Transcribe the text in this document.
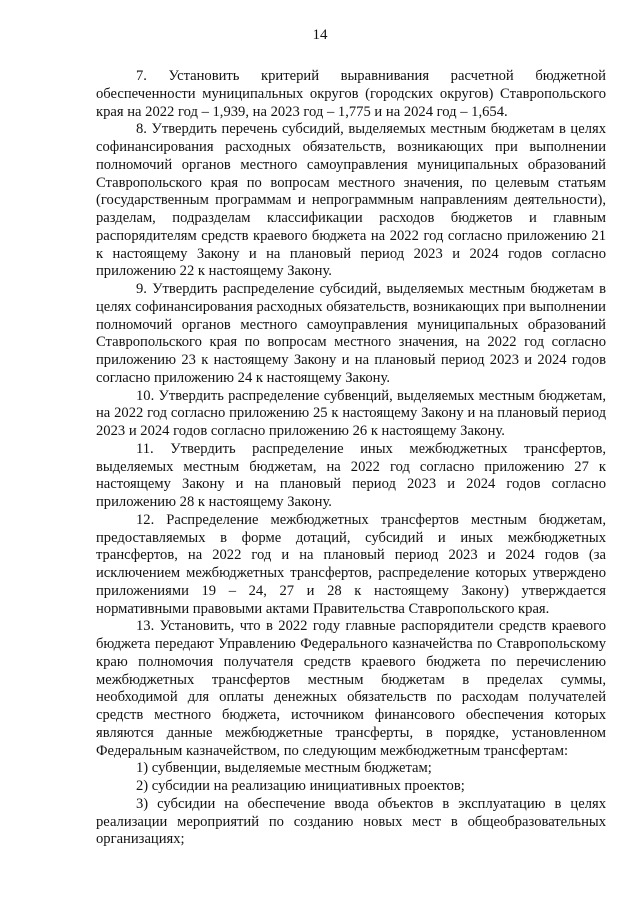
14

7. Установить критерий выравнивания расчетной бюджетной обеспеченности муниципальных округов (городских округов) Ставропольского края на 2022 год – 1,939, на 2023 год – 1,775 и на 2024 год – 1,654.

8. Утвердить перечень субсидий, выделяемых местным бюджетам в целях софинансирования расходных обязательств, возникающих при выполнении полномочий органов местного самоуправления муниципальных образований Ставропольского края по вопросам местного значения, по целевым статьям (государственным программам и непрограммным направлениям деятельности), разделам, подразделам классификации расходов бюджетов и главным распорядителям средств краевого бюджета на 2022 год согласно приложению 21 к настоящему Закону и на плановый период 2023 и 2024 годов согласно приложению 22 к настоящему Закону.

9. Утвердить распределение субсидий, выделяемых местным бюджетам в целях софинансирования расходных обязательств, возникающих при выполнении полномочий органов местного самоуправления муниципальных образований Ставропольского края по вопросам местного значения, на 2022 год согласно приложению 23 к настоящему Закону и на плановый период 2023 и 2024 годов согласно приложению 24 к настоящему Закону.

10. Утвердить распределение субвенций, выделяемых местным бюджетам, на 2022 год согласно приложению 25 к настоящему Закону и на плановый период 2023 и 2024 годов согласно приложению 26 к настоящему Закону.

11. Утвердить распределение иных межбюджетных трансфертов, выделяемых местным бюджетам, на 2022 год согласно приложению 27 к настоящему Закону и на плановый период 2023 и 2024 годов согласно приложению 28 к настоящему Закону.

12. Распределение межбюджетных трансфертов местным бюджетам, предоставляемых в форме дотаций, субсидий и иных межбюджетных трансфертов, на 2022 год и на плановый период 2023 и 2024 годов (за исключением межбюджетных трансфертов, распределение которых утверждено приложениями 19 – 24, 27 и 28 к настоящему Закону) утверждается нормативными правовыми актами Правительства Ставропольского края.

13. Установить, что в 2022 году главные распорядители средств краевого бюджета передают Управлению Федерального казначейства по Ставропольскому краю полномочия получателя средств краевого бюджета по перечислению межбюджетных трансфертов местным бюджетам в пределах суммы, необходимой для оплаты денежных обязательств по расходам получателей средств местного бюджета, источником финансового обеспечения которых являются данные межбюджетные трансферты, в порядке, установленном Федеральным казначейством, по следующим межбюджетным трансфертам:

1) субвенции, выделяемые местным бюджетам;

2) субсидии на реализацию инициативных проектов;

3) субсидии на обеспечение ввода объектов в эксплуатацию в целях реализации мероприятий по созданию новых мест в общеобразовательных организациях;
